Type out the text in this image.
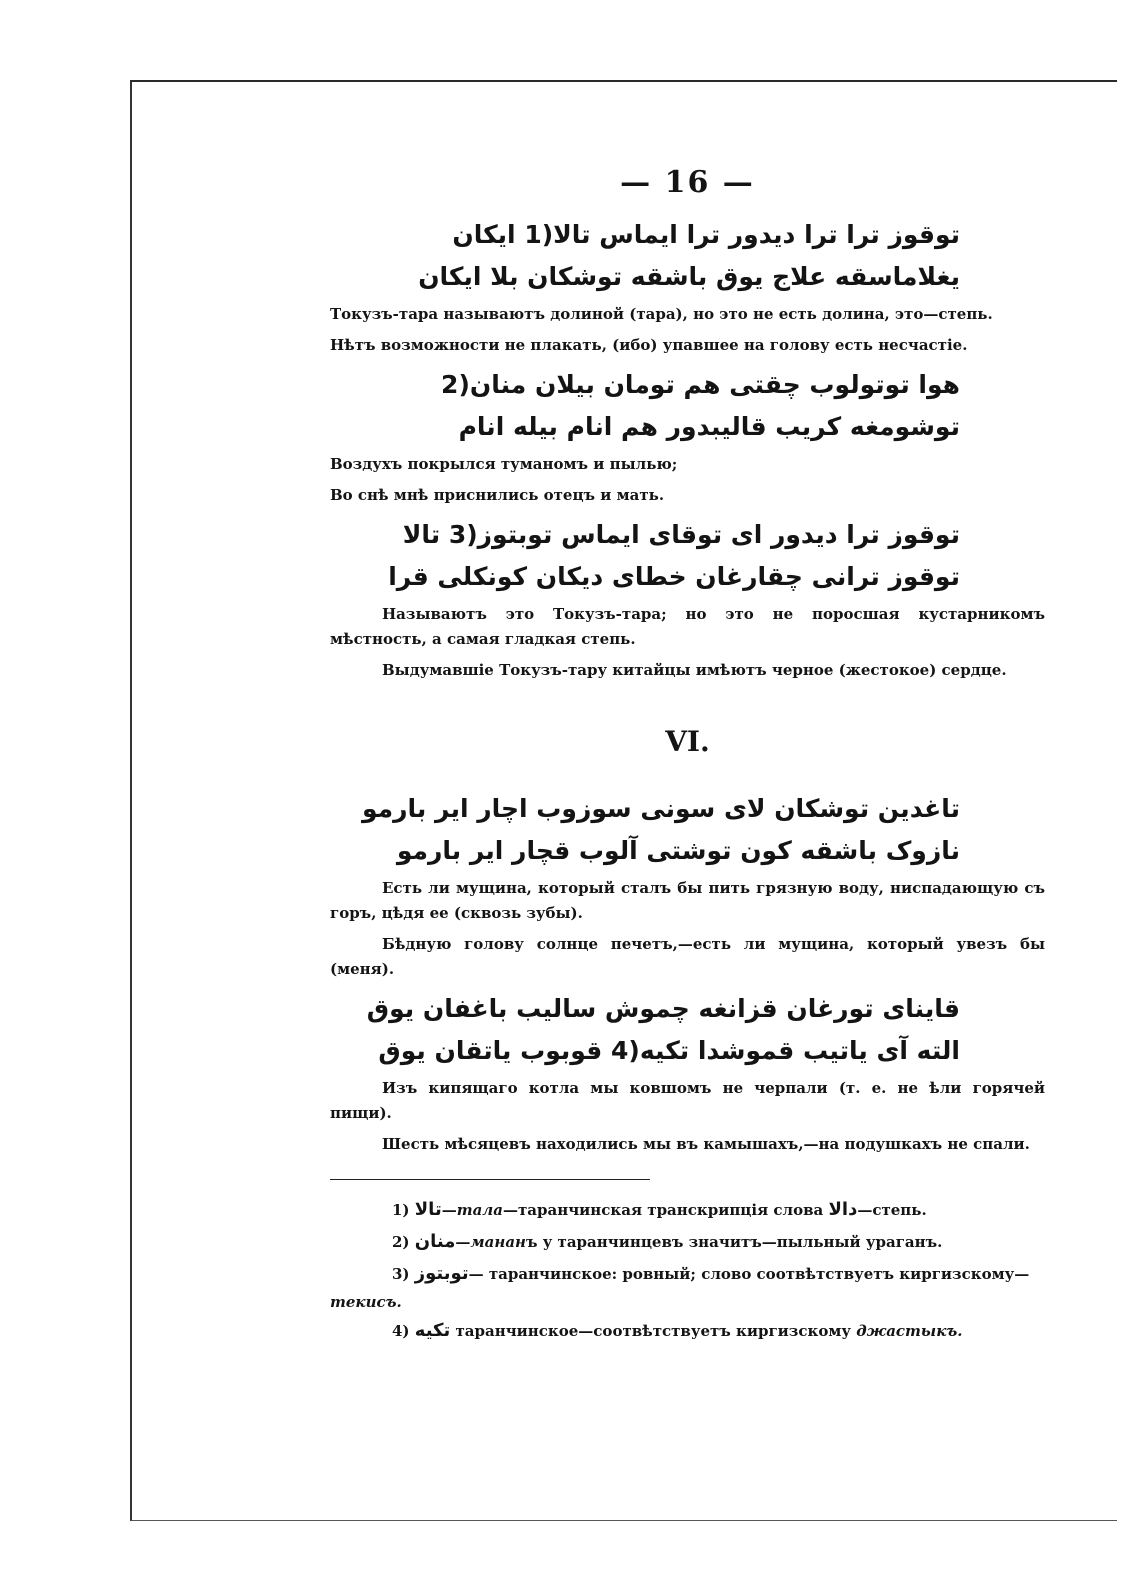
— 16 —
توقوز ترا ترا دیدور ترا ایماس تالا(1 ایکان
یغلاماسقه علاج یوق باشقه توشکان بلا ایکان
Токузъ-тара называютъ долиной (тара), но это не есть долина, это—степь.
Нѣтъ возможности не плакать, (ибо) упавшее на голову есть несчастіе.
هوا توتولوب چقتی هم تومان بیلان منان(2
توشومغه کریب قالیبدور هم انام بیله انام
Воздухъ покрылся туманомъ и пылью;
Во снѣ мнѣ приснились отецъ и мать.
توقوز ترا دیدور ای توقای ایماس توبتوز(3 تالا
توقوز ترانی چقارغان خطای دیکان کونکلی قرا
Называютъ это Токузъ-тара; но это не поросшая кустарникомъ мѣстность, а самая гладкая степь.
Выдумавшіе Токузъ-тару китайцы имѣютъ черное (жестокое) сердце.
VI.
تاغدین توشکان لای سونی سوزوب اچار ایر بارمو
نازوک باشقه کون توشتی آلوب قچار ایر بارمو
Есть ли мущина, который сталъ бы пить грязную воду, ниспадающую съ горъ, цѣдя ее (сквозь зубы).
Бѣдную голову солнце печетъ,—есть ли мущина, который увезъ бы (меня).
قاینای تورغان قزانغه چموش سالیب باغفان یوق
التە آی یاتیب قموشدا تکیه(4 قوبوب یاتقان یوق
Изъ кипящаго котла мы ковшомъ не черпали (т. е. не ѣли горячей пищи).
Шесть мѣсяцевъ находились мы въ камышахъ,—на подушкахъ не спали.
1) تالا—тала—таранчинская транскрипція слова دالا—степь.
2) منان—мананъ у таранчинцевъ значитъ—пыльный ураганъ.
3) توبتوز— таранчинское: ровный; слово соотвѣтствуетъ киргизскому—
текисъ.
4) تکیه таранчинское—соотвѣтствуетъ киргизскому джастыкъ.
